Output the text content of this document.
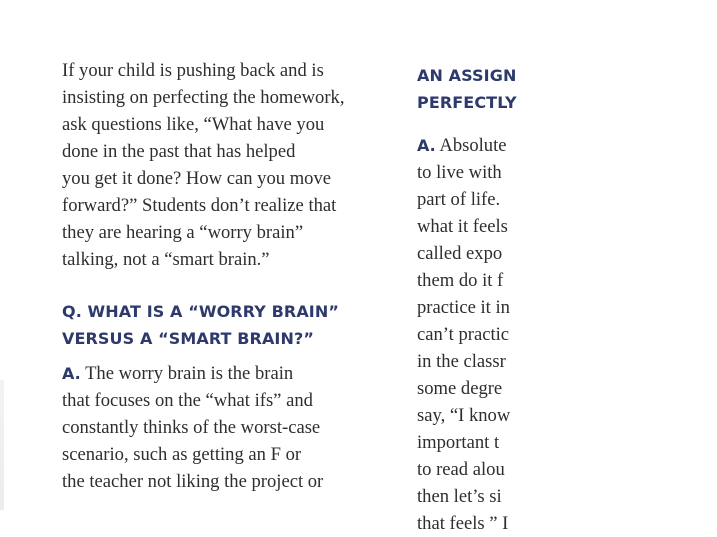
If your child is pushing back and is
insisting on perfecting the homework,
ask questions like, “What have you
done in the past that has helped
you get it done? How can you move
forward?” Students don’t realize that
they are hearing a “worry brain”
talking, not a “smart brain.”
Q. WHAT IS A “WORRY BRAIN”
VERSUS A “SMART BRAIN?”
A. The worry brain is the brain
that focuses on the “what ifs” and
constantly thinks of the worst-case
scenario, such as getting an F or
the teacher not liking the project or
AN ASSIGN
PERFECTLY
A. Absolute
to live with
part of life.
what it feels
called expo
them do it f
practice it in
can’t practic
in the classr
some degre
say, “I know
important t
to read alou
then let’s si
that feels ” I
